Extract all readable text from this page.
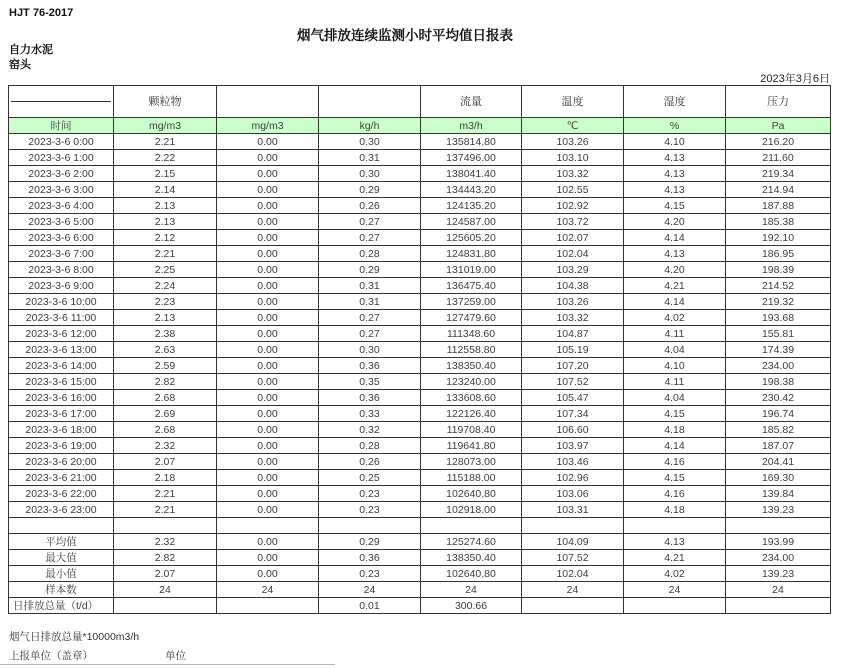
HJT 76-2017
烟气排放连续监测小时平均值日报表
自力水泥
窑头
2023年3月6日
	颗粒物			流量	温度	湿度	压力
时间	mg/m3	mg/m3	kg/h	m3/h	℃	%	Pa
2023-3-6 0:00	2.21	0.00	0.30	135814.80	103.26	4.10	216.20
2023-3-6 1:00	2.22	0.00	0.31	137496.00	103.10	4.13	211.60
2023-3-6 2:00	2.15	0.00	0.30	138041.40	103.32	4.13	219.34
2023-3-6 3:00	2.14	0.00	0.29	134443.20	102.55	4.13	214.94
2023-3-6 4:00	2.13	0.00	0.26	124135.20	102.92	4.15	187.88
2023-3-6 5:00	2.13	0.00	0.27	124587.00	103.72	4.20	185.38
2023-3-6 6:00	2.12	0.00	0.27	125605.20	102.07	4.14	192.10
2023-3-6 7:00	2.21	0.00	0.28	124831.80	102.04	4.13	186.95
2023-3-6 8:00	2.25	0.00	0.29	131019.00	103.29	4.20	198.39
2023-3-6 9:00	2.24	0.00	0.31	136475.40	104.38	4.21	214.52
2023-3-6 10:00	2.23	0.00	0.31	137259.00	103.26	4.14	219.32
2023-3-6 11:00	2.13	0.00	0.27	127479.60	103.32	4.02	193.68
2023-3-6 12:00	2.38	0.00	0.27	111348.60	104.87	4.11	155.81
2023-3-6 13:00	2.63	0.00	0.30	112558.80	105.19	4.04	174.39
2023-3-6 14:00	2.59	0.00	0.36	138350.40	107.20	4.10	234.00
2023-3-6 15:00	2.82	0.00	0.35	123240.00	107.52	4.11	198.38
2023-3-6 16:00	2.68	0.00	0.36	133608.60	105.47	4.04	230.42
2023-3-6 17:00	2.69	0.00	0.33	122126.40	107.34	4.15	196.74
2023-3-6 18:00	2.68	0.00	0.32	119708.40	106.60	4.18	185.82
2023-3-6 19:00	2.32	0.00	0.28	119641.80	103.97	4.14	187.07
2023-3-6 20:00	2.07	0.00	0.26	128073.00	103.46	4.16	204.41
2023-3-6 21:00	2.18	0.00	0.25	115188.00	102.96	4.15	169.30
2023-3-6 22:00	2.21	0.00	0.23	102640.80	103.06	4.16	139.84
2023-3-6 23:00	2.21	0.00	0.23	102918.00	103.31	4.18	139.23

平均值	2.32	0.00	0.29	125274.60	104.09	4.13	193.99
最大值	2.82	0.00	0.36	138350.40	107.52	4.21	234.00
最小值	2.07	0.00	0.23	102640.80	102.04	4.02	139.23
样本数	24	24	24	24	24	24	24
日排放总量（t/d）			0.01	300.66			
烟气日排放总量*10000m3/h
上报单位（盖章）	单位
